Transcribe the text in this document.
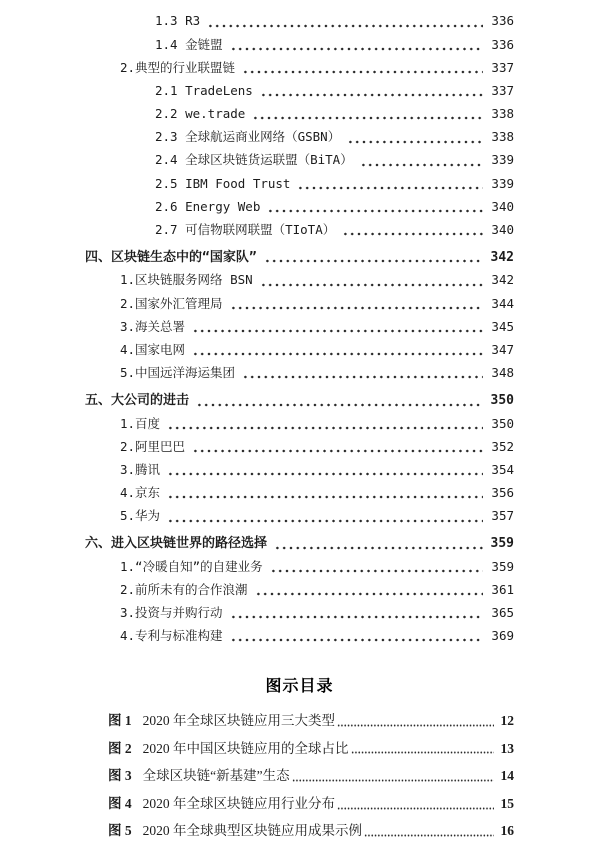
1.3 R3	336
1.4 金链盟	336
2.典型的行业联盟链	337
2.1 TradeLens	337
2.2 we.trade	338
2.3 全球航运商业网络（GSBN）	338
2.4 全球区块链货运联盟（BiTA）	339
2.5 IBM Food Trust	339
2.6 Energy Web	340
2.7 可信物联网联盟（TIoTA）	340
四、区块链生态中的“国家队”	342
1.区块链服务网络 BSN	342
2.国家外汇管理局	344
3.海关总署	345
4.国家电网	347
5.中国远洋海运集团	348
五、大公司的进击	350
1.百度	350
2.阿里巴巴	352
3.腾讯	354
4.京东	356
5.华为	357
六、进入区块链世界的路径选择	359
1.“冷暖自知”的自建业务	359
2.前所未有的合作浪潮	361
3.投资与并购行动	365
4.专利与标准构建	369
图示目录
图 1 2020 年全球区块链应用三大类型	12
图 2 2020 年中国区块链应用的全球占比	13
图 3 全球区块链“新基建”生态	14
图 4 2020 年全球区块链应用行业分布	15
图 5 2020 年全球典型区块链应用成果示例	16
